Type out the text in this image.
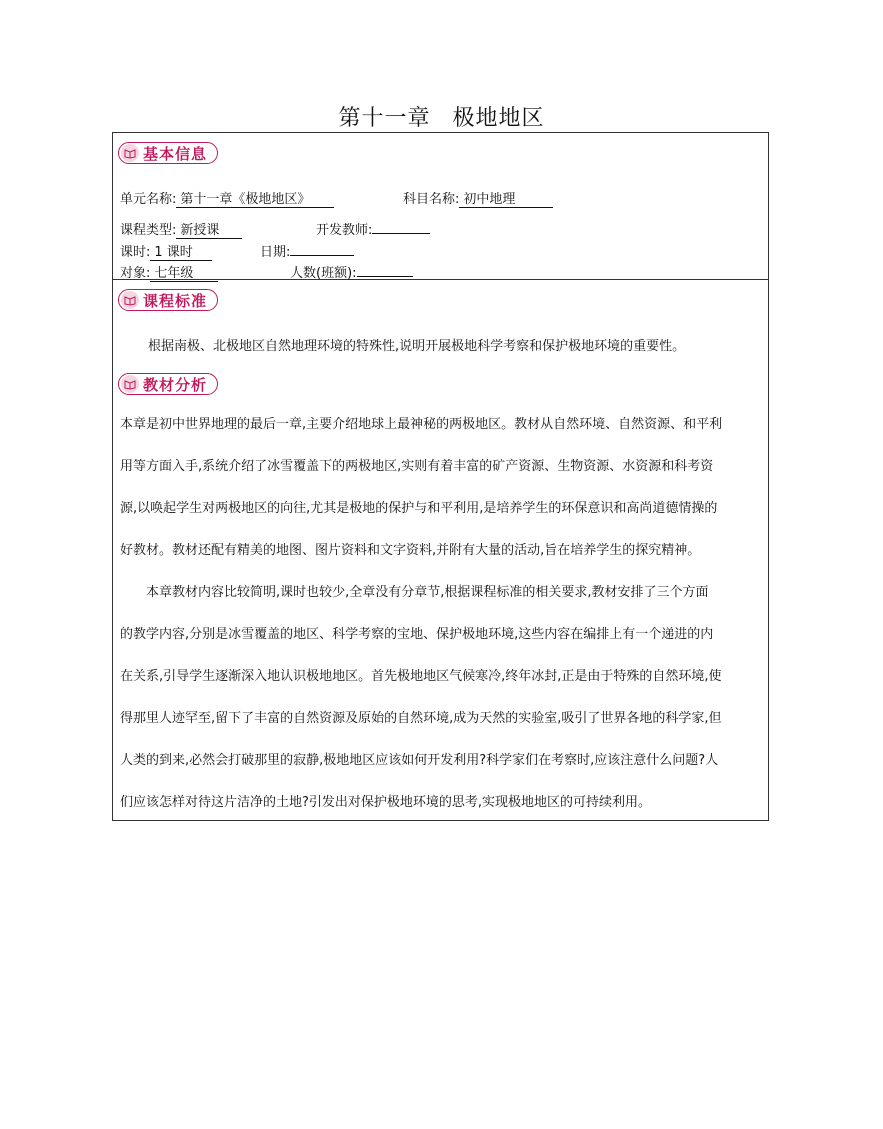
第十一章 极地地区
基本信息
单元名称: 第十一章《极地地区》	科目名称: 初中地理
课程类型: 新授课	开发教师:
课时: 1 课时	日期:
对象: 七年级	人数(班额):
课程标准
根据南极、北极地区自然地理环境的特殊性,说明开展极地科学考察和保护极地环境的重要性。
教材分析
本章是初中世界地理的最后一章,主要介绍地球上最神秘的两极地区。教材从自然环境、自然资源、和平利
用等方面入手,系统介绍了冰雪覆盖下的两极地区,实则有着丰富的矿产资源、生物资源、水资源和科考资
源,以唤起学生对两极地区的向往,尤其是极地的保护与和平利用,是培养学生的环保意识和高尚道德情操的
好教材。教材还配有精美的地图、图片资料和文字资料,并附有大量的活动,旨在培养学生的探究精神。
本章教材内容比较简明,课时也较少,全章没有分章节,根据课程标准的相关要求,教材安排了三个方面
的教学内容,分别是冰雪覆盖的地区、科学考察的宝地、保护极地环境,这些内容在编排上有一个递进的内
在关系,引导学生逐渐深入地认识极地地区。首先极地地区气候寒冷,终年冰封,正是由于特殊的自然环境,使
得那里人迹罕至,留下了丰富的自然资源及原始的自然环境,成为天然的实验室,吸引了世界各地的科学家,但
人类的到来,必然会打破那里的寂静,极地地区应该如何开发利用?科学家们在考察时,应该注意什么问题?人
们应该怎样对待这片洁净的土地?引发出对保护极地环境的思考,实现极地地区的可持续利用。
